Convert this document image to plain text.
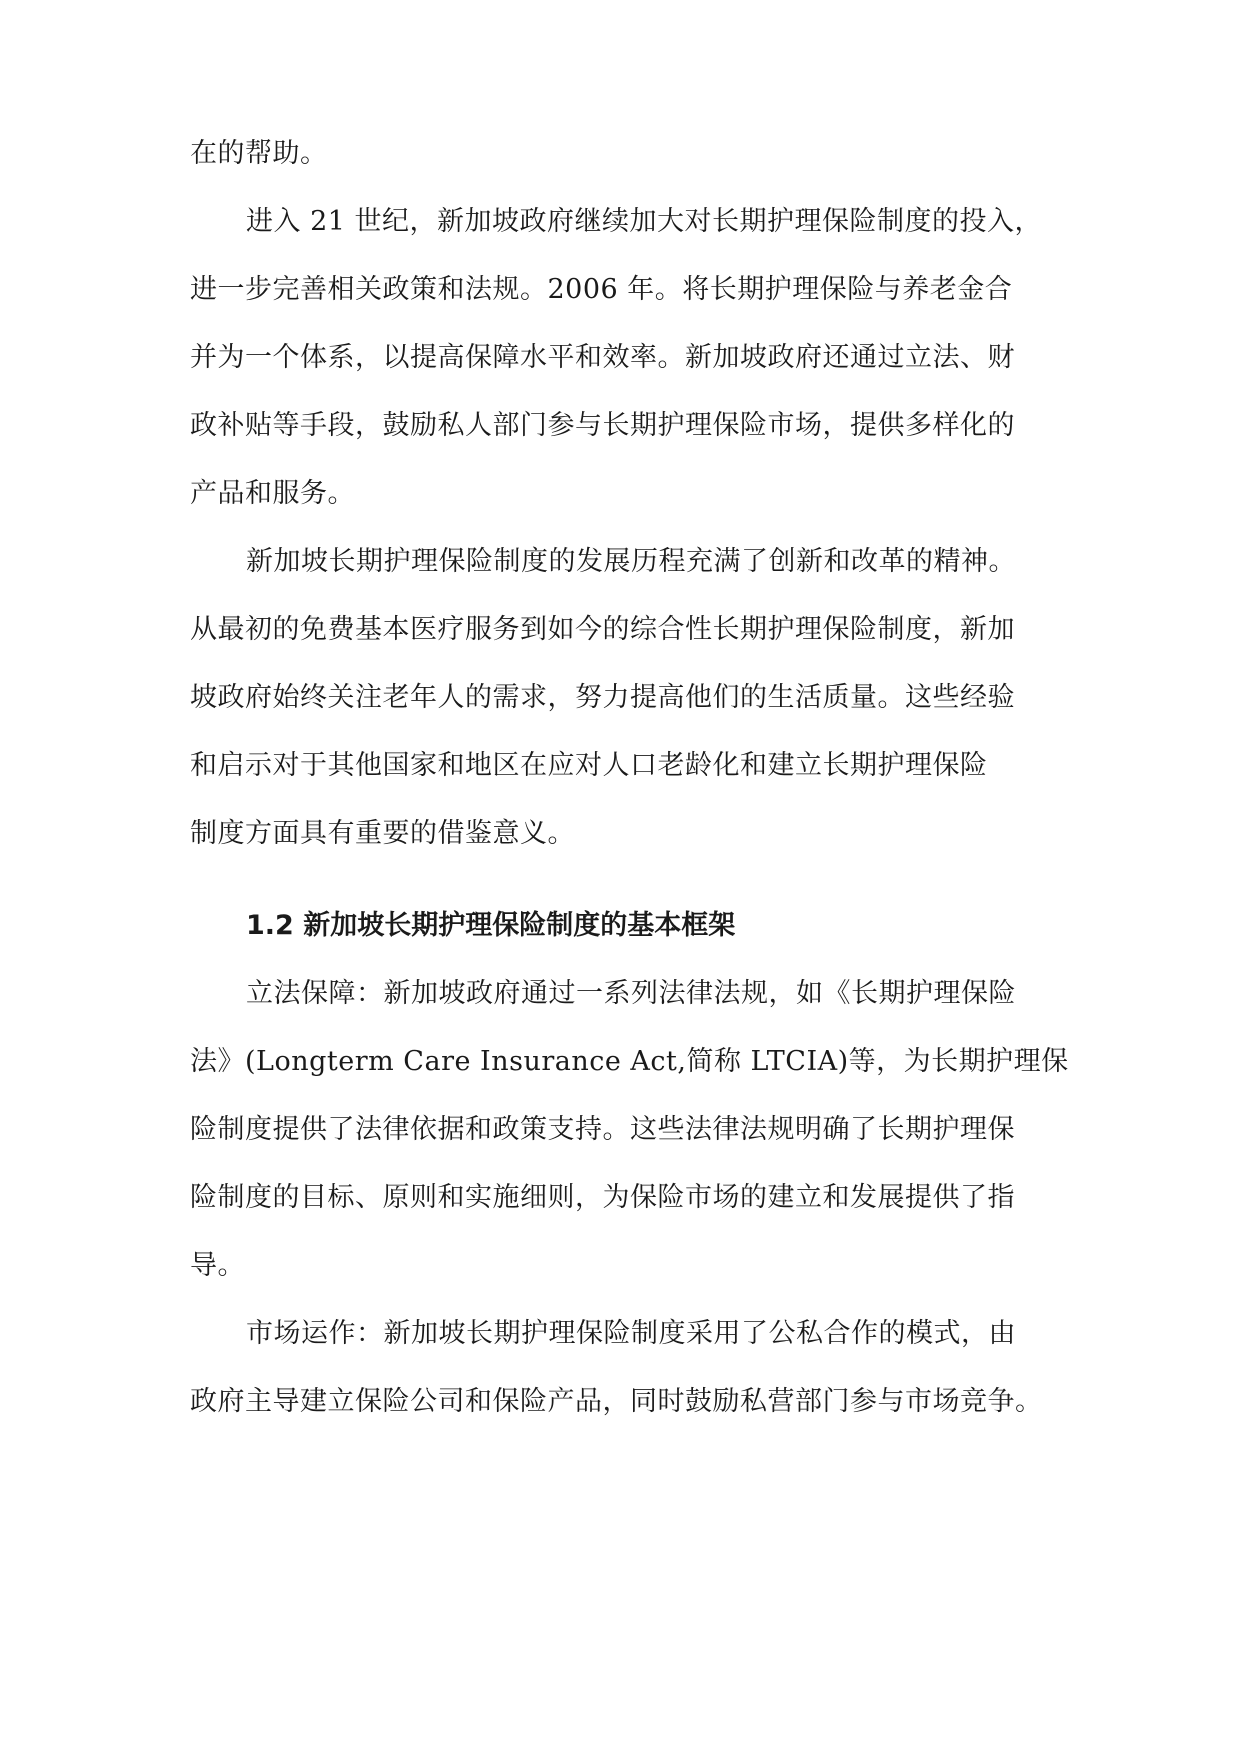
在的帮助。
进入 21 世纪，新加坡政府继续加大对长期护理保险制度的投入，
进一步完善相关政策和法规。2006 年。将长期护理保险与养老金合
并为一个体系，以提高保障水平和效率。新加坡政府还通过立法、财
政补贴等手段，鼓励私人部门参与长期护理保险市场，提供多样化的
产品和服务。
新加坡长期护理保险制度的发展历程充满了创新和改革的精神。
从最初的免费基本医疗服务到如今的综合性长期护理保险制度，新加
坡政府始终关注老年人的需求，努力提高他们的生活质量。这些经验
和启示对于其他国家和地区在应对人口老龄化和建立长期护理保险
制度方面具有重要的借鉴意义。
1.2 新加坡长期护理保险制度的基本框架
立法保障：新加坡政府通过一系列法律法规，如《长期护理保险
法》(Longterm Care Insurance Act,简称 LTCIA)等，为长期护理保
险制度提供了法律依据和政策支持。这些法律法规明确了长期护理保
险制度的目标、原则和实施细则，为保险市场的建立和发展提供了指
导。
市场运作：新加坡长期护理保险制度采用了公私合作的模式，由
政府主导建立保险公司和保险产品，同时鼓励私营部门参与市场竞争。
